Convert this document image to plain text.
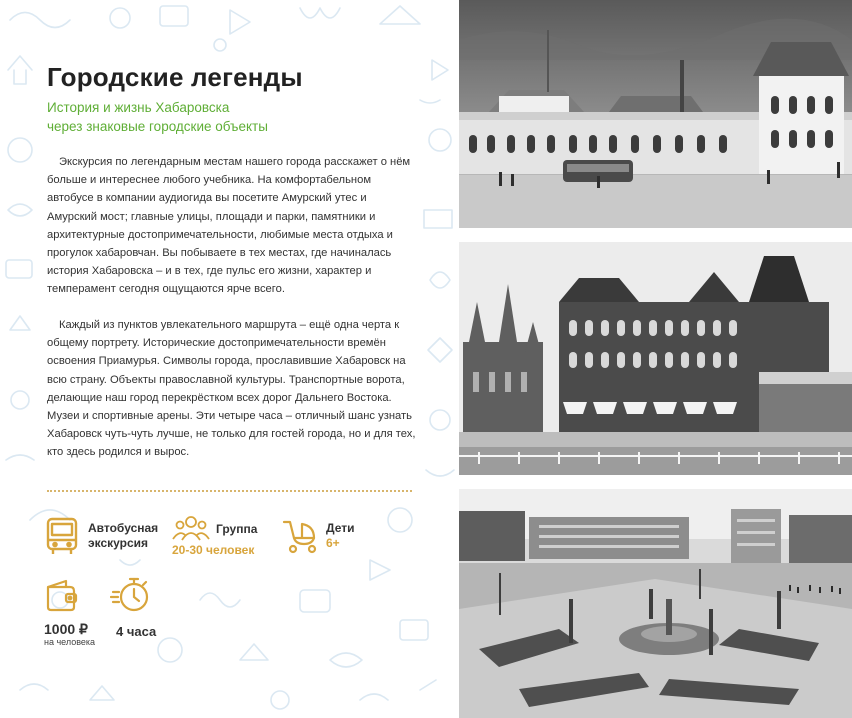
Городские легенды
История и жизнь Хабаровска
через знаковые городские объекты

Экскурсия по легендарным местам нашего города расскажет о нём больше и интереснее любого учебника. На комфортабельном автобусе в компании аудиогида вы посетите Амурский утес и Амурский мост; главные улицы, площади и парки, памятники и архитектурные достопримечательности, любимые места отдыха и прогулок хабаровчан. Вы побываете в тех местах, где начиналась история Хабаровска – и в тех, где пульс его жизни, характер и темперамент сегодня ощущаются ярче всего.

Каждый из пунктов увлекательного маршрута – ещё одна черта к общему портрету. Исторические достопримечательности времён освоения Приамурья. Символы города, прославившие Хабаровск на всю страну. Объекты православной культуры. Транспортные ворота, делающие наш город перекрёстком всех дорог Дальнего Востока. Музеи и спортивные арены. Эти четыре часа – отличный шанс узнать Хабаровск чуть-чуть лучше, не только для гостей города, но и для тех, кто здесь родился и вырос.

Автобусная
экскурсия
Группа
20-30 человек
Дети
6+
1000 ₽
на человека
4 часа
